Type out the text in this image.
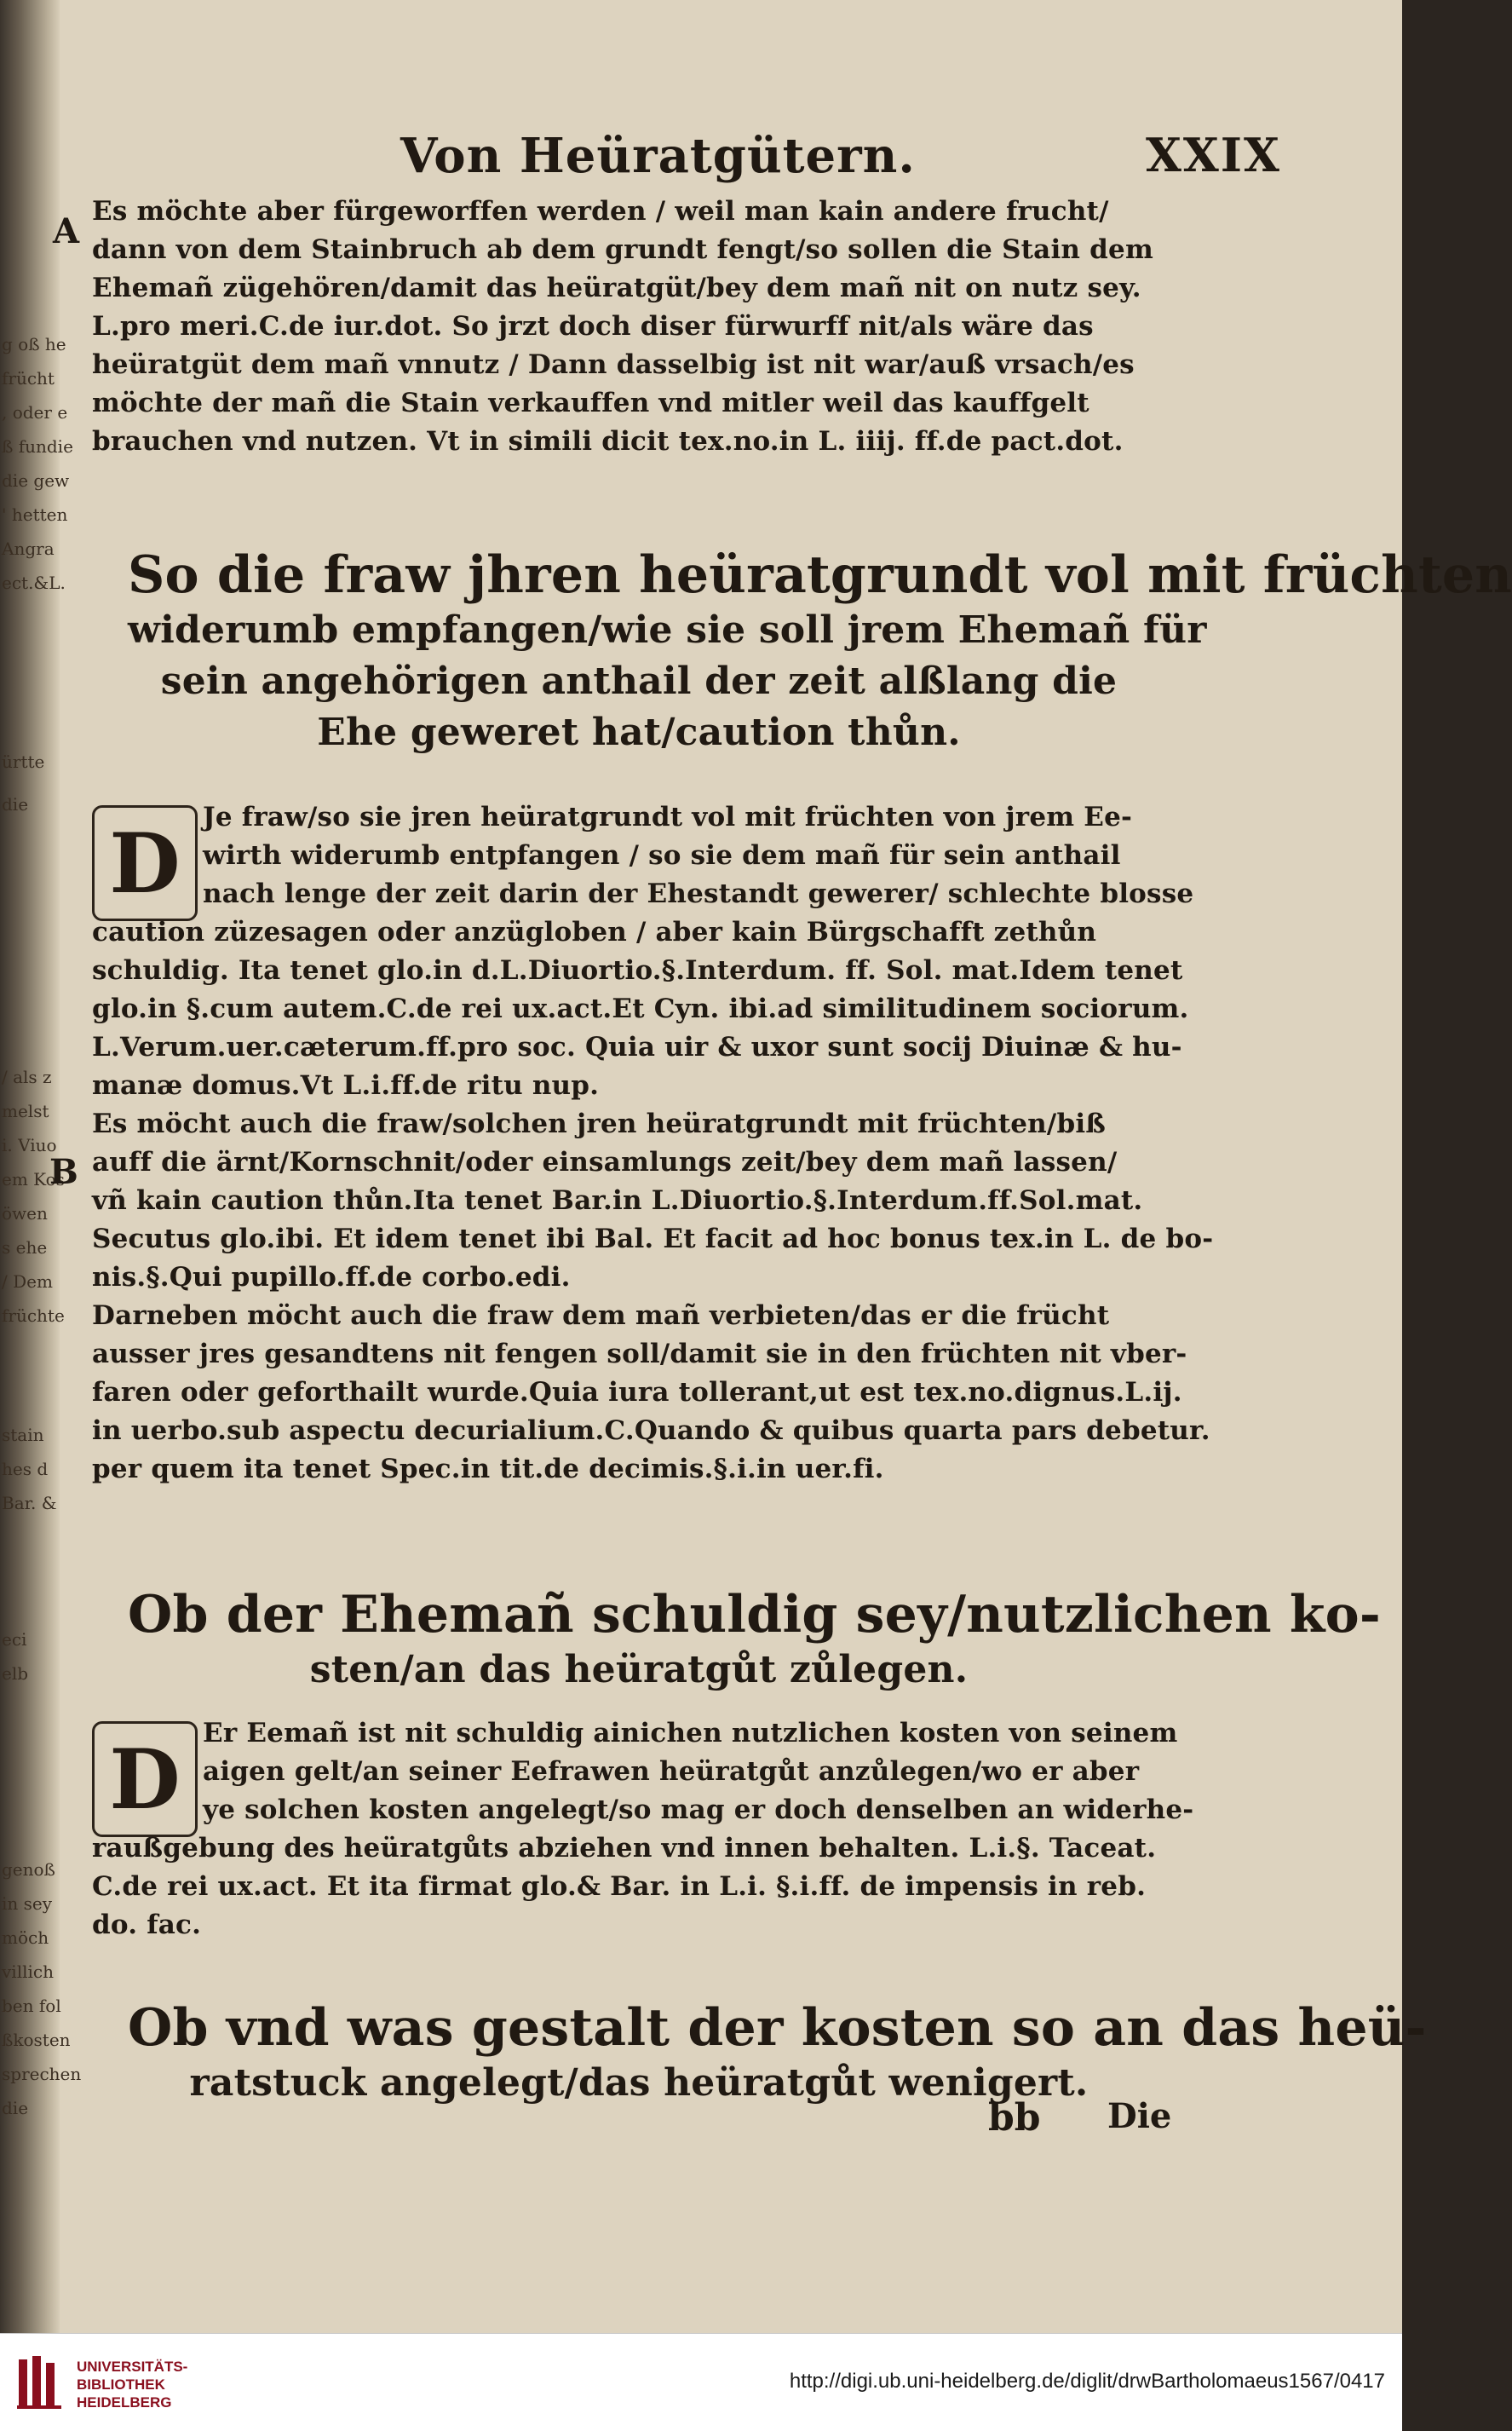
g oß he
frücht
, oder e
ß fundie
die gew
' hetten
Angra
ect.&L.
ürtte
die
/ als z
melst
i. Viuo
em Kos
öwen
s ehe
/ Dem
früchte
stain
hes d
Bar. &
eci
elb
genoß
in sey
möch
villich
ben fol
ßkosten
sprechen
die
Von Heüratgütern.	XXIX
A
B
Es möchte aber fürgeworffen werden / weil man kain andere frucht/
dann von dem Stainbruch ab dem grundt fengt/so sollen die Stain dem
Ehemañ zügehören/damit das heüratgüt/bey dem mañ nit on nutz sey.
L.pro meri.C.de iur.dot. So jrzt doch diser fürwurff nit/als wäre das
heüratgüt dem mañ vnnutz / Dann dasselbig ist nit war/auß vrsach/es
möchte der mañ die Stain verkauffen vnd mitler weil das kauffgelt
brauchen vnd nutzen. Vt in simili dicit tex.no.in L. iiij. ff.de pact.dot.
So die fraw jhren heüratgrundt vol mit früchten
widerumb empfangen/wie sie soll jrem Ehemañ für
sein angehörigen anthail der zeit alßlang die
Ehe geweret hat/caution thůn.
D Je fraw/so sie jren heüratgrundt vol mit früchten von jrem Ee-
wirth widerumb entpfangen / so sie dem mañ für sein anthail
nach lenge der zeit darin der Ehestandt gewerer/ schlechte blosse
caution züzesagen oder anzügloben / aber kain Bürgschafft zethůn
schuldig. Ita tenet glo.in d.L.Diuortio.§.Interdum. ff. Sol. mat.Idem tenet
glo.in §.cum autem.C.de rei ux.act.Et Cyn. ibi.ad similitudinem sociorum.
L.Verum.uer.cæterum.ff.pro soc. Quia uir & uxor sunt socij Diuinæ & hu-
manæ domus.Vt L.i.ff.de ritu nup.
Es möcht auch die fraw/solchen jren heüratgrundt mit früchten/biß
auff die ärnt/Kornschnit/oder einsamlungs zeit/bey dem mañ lassen/
vñ kain caution thůn.Ita tenet Bar.in L.Diuortio.§.Interdum.ff.Sol.mat.
Secutus glo.ibi. Et idem tenet ibi Bal. Et facit ad hoc bonus tex.in L. de bo-
nis.§.Qui pupillo.ff.de corbo.edi.
Darneben möcht auch die fraw dem mañ verbieten/das er die frücht
ausser jres gesandtens nit fengen soll/damit sie in den früchten nit vber-
faren oder geforthailt wurde.Quia iura tollerant,ut est tex.no.dignus.L.ij.
in uerbo.sub aspectu decurialium.C.Quando & quibus quarta pars debetur.
per quem ita tenet Spec.in tit.de decimis.§.i.in uer.fi.
Ob der Ehemañ schuldig sey/nutzlichen ko-
sten/an das heüratgůt zůlegen.
D Er Eemañ ist nit schuldig ainichen nutzlichen kosten von seinem
aigen gelt/an seiner Eefrawen heüratgůt anzůlegen/wo er aber
ye solchen kosten angelegt/so mag er doch denselben an widerhe-
raußgebung des heüratgůts abziehen vnd innen behalten. L.i.§. Taceat.
C.de rei ux.act. Et ita firmat glo.& Bar. in L.i. §.i.ff. de impensis in reb.
do. fac.
Ob vnd was gestalt der kosten so an das heü-
ratstuck angelegt/das heüratgůt wenigert.
bb Die
UNIVERSITÄTS-
BIBLIOTHEK
HEIDELBERG
http://digi.ub.uni-heidelberg.de/diglit/drwBartholomaeus1567/0417
